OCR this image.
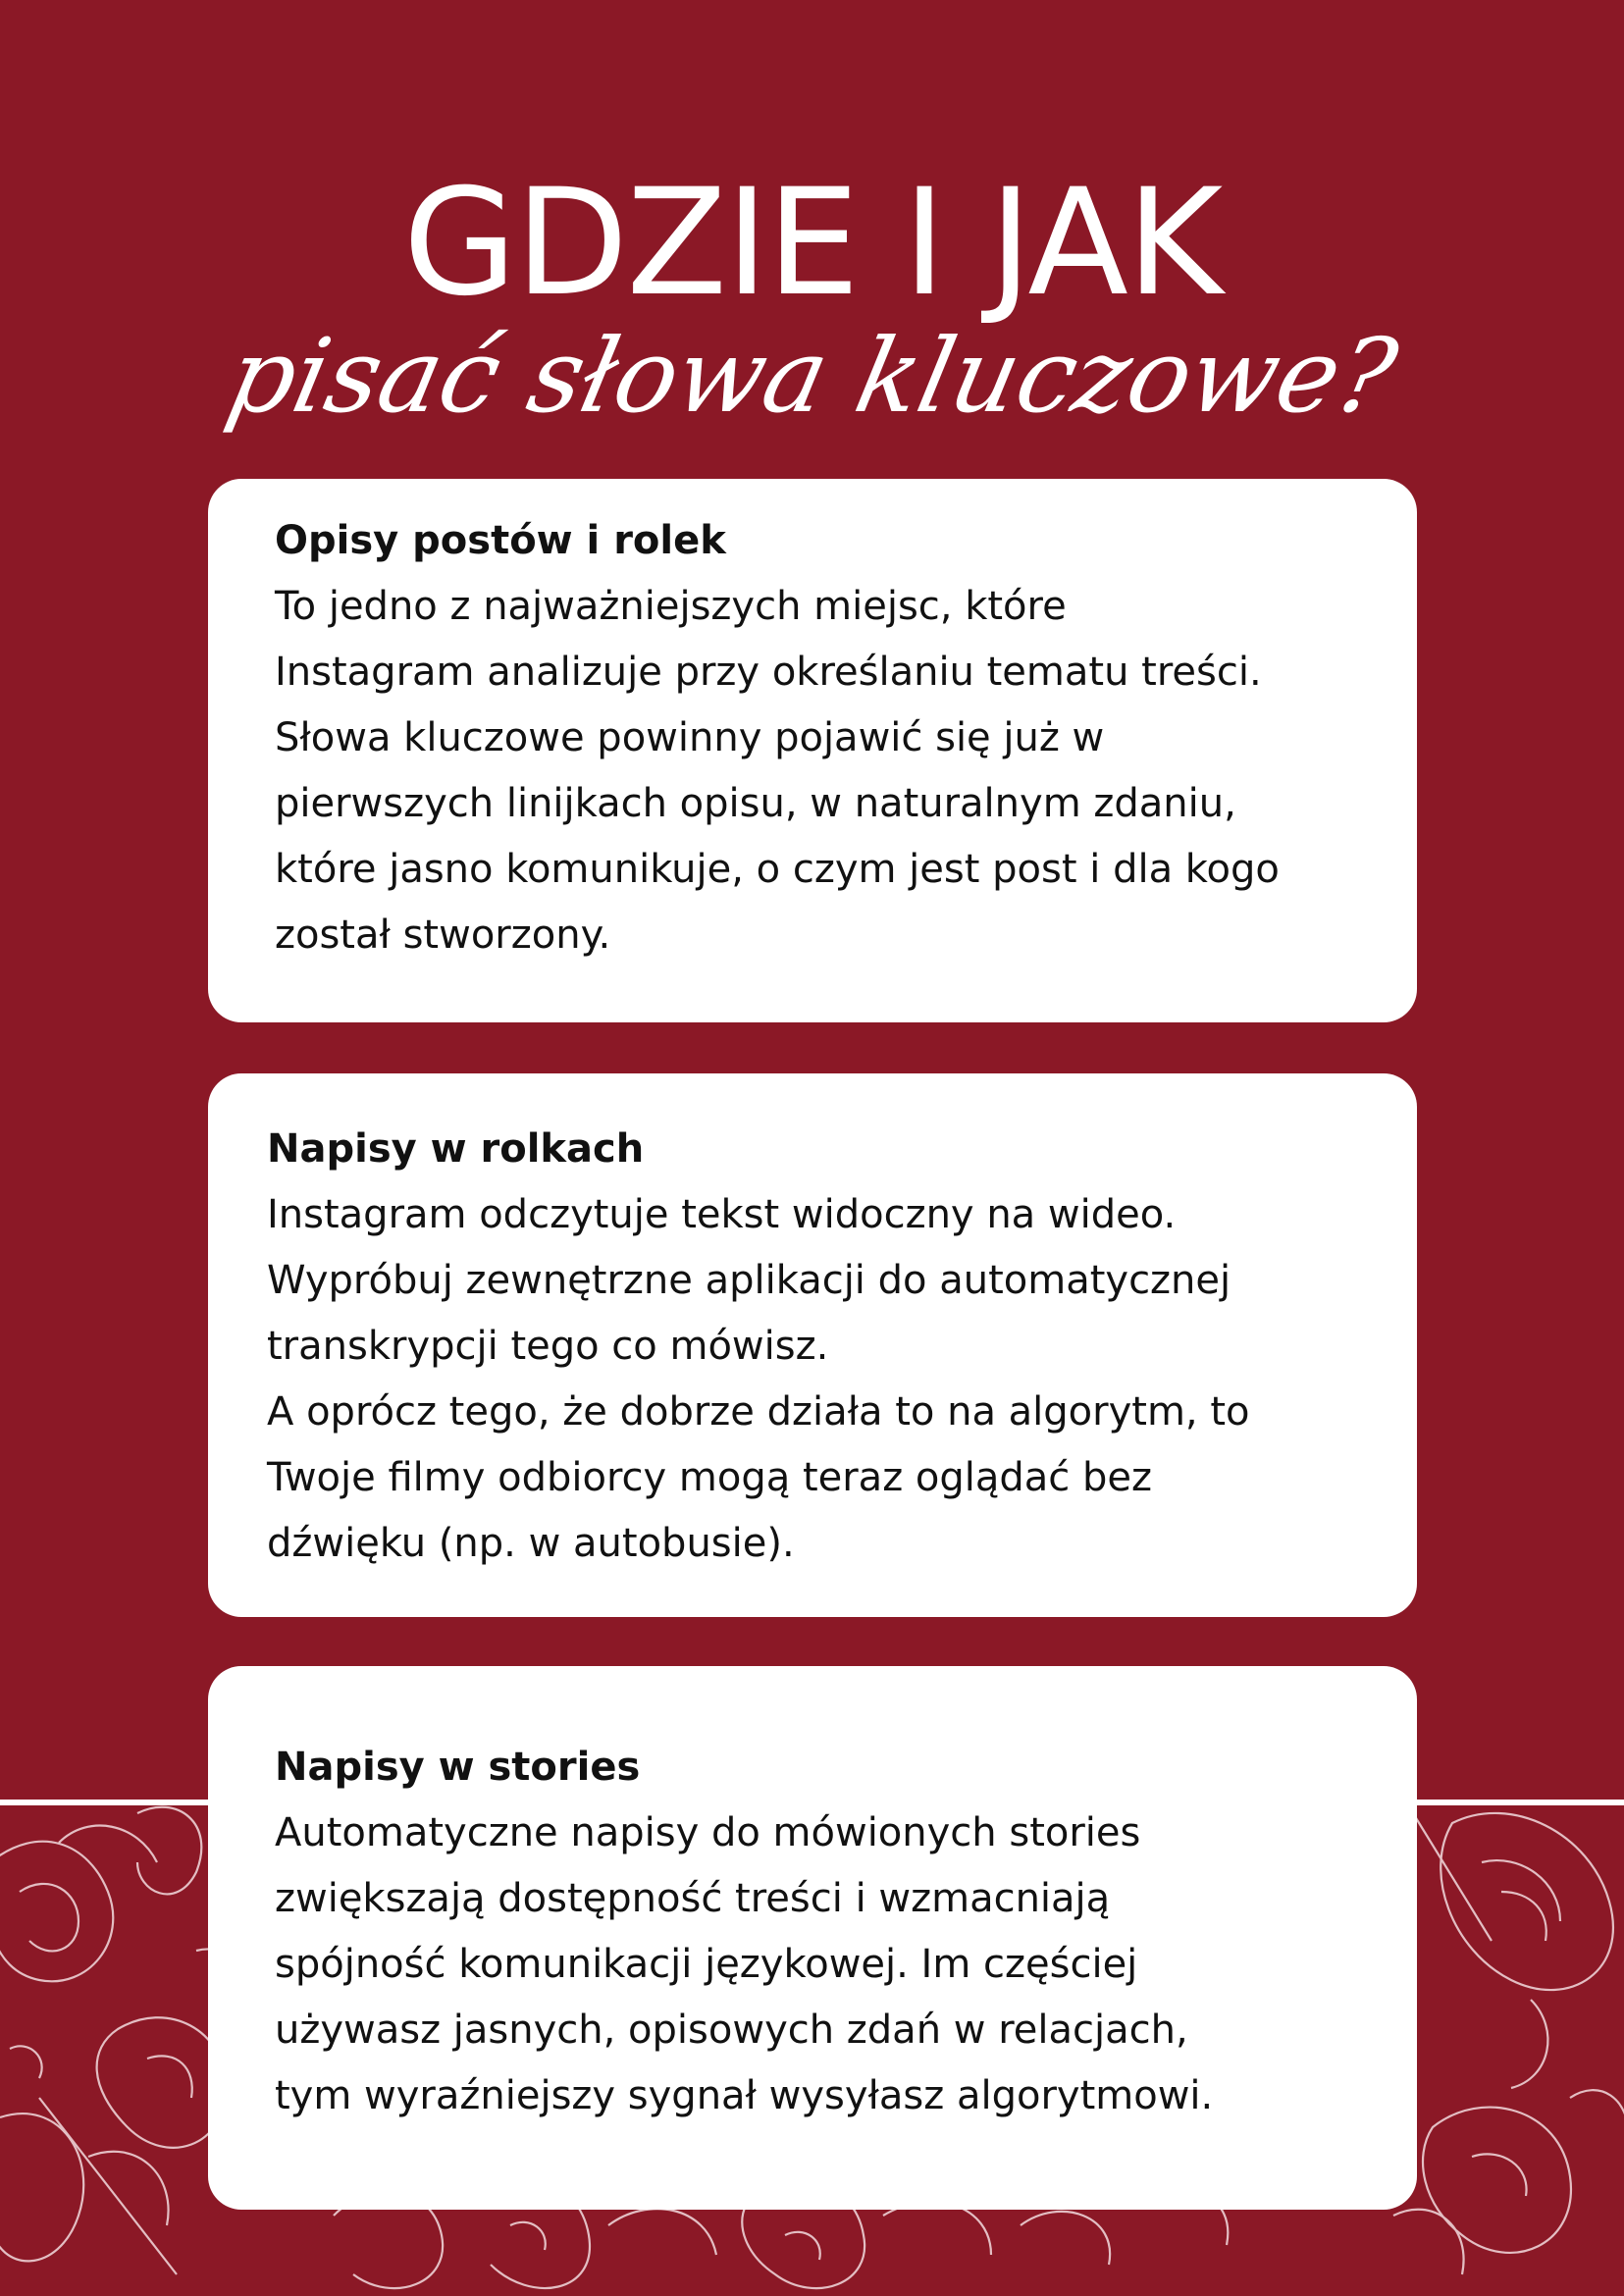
GDZIE I JAK
pisać słowa kluczowe?

Opisy postów i rolek

To jedno z najważniejszych miejsc, które
Instagram analizuje przy określaniu tematu treści.
Słowa kluczowe powinny pojawić się już w
pierwszych linijkach opisu, w naturalnym zdaniu,
które jasno komunikuje, o czym jest post i dla kogo
został stworzony.

Napisy w rolkach

Instagram odczytuje tekst widoczny na wideo.
Wypróbuj zewnętrzne aplikacji do automatycznej
transkrypcji tego co mówisz.
A oprócz tego, że dobrze działa to na algorytm, to
Twoje filmy odbiorcy mogą teraz oglądać bez
dźwięku (np. w autobusie).

Napisy w stories

Automatyczne napisy do mówionych stories
zwiększają dostępność treści i wzmacniają
spójność komunikacji językowej. Im częściej
używasz jasnych, opisowych zdań w relacjach,
tym wyraźniejszy sygnał wysyłasz algorytmowi.
